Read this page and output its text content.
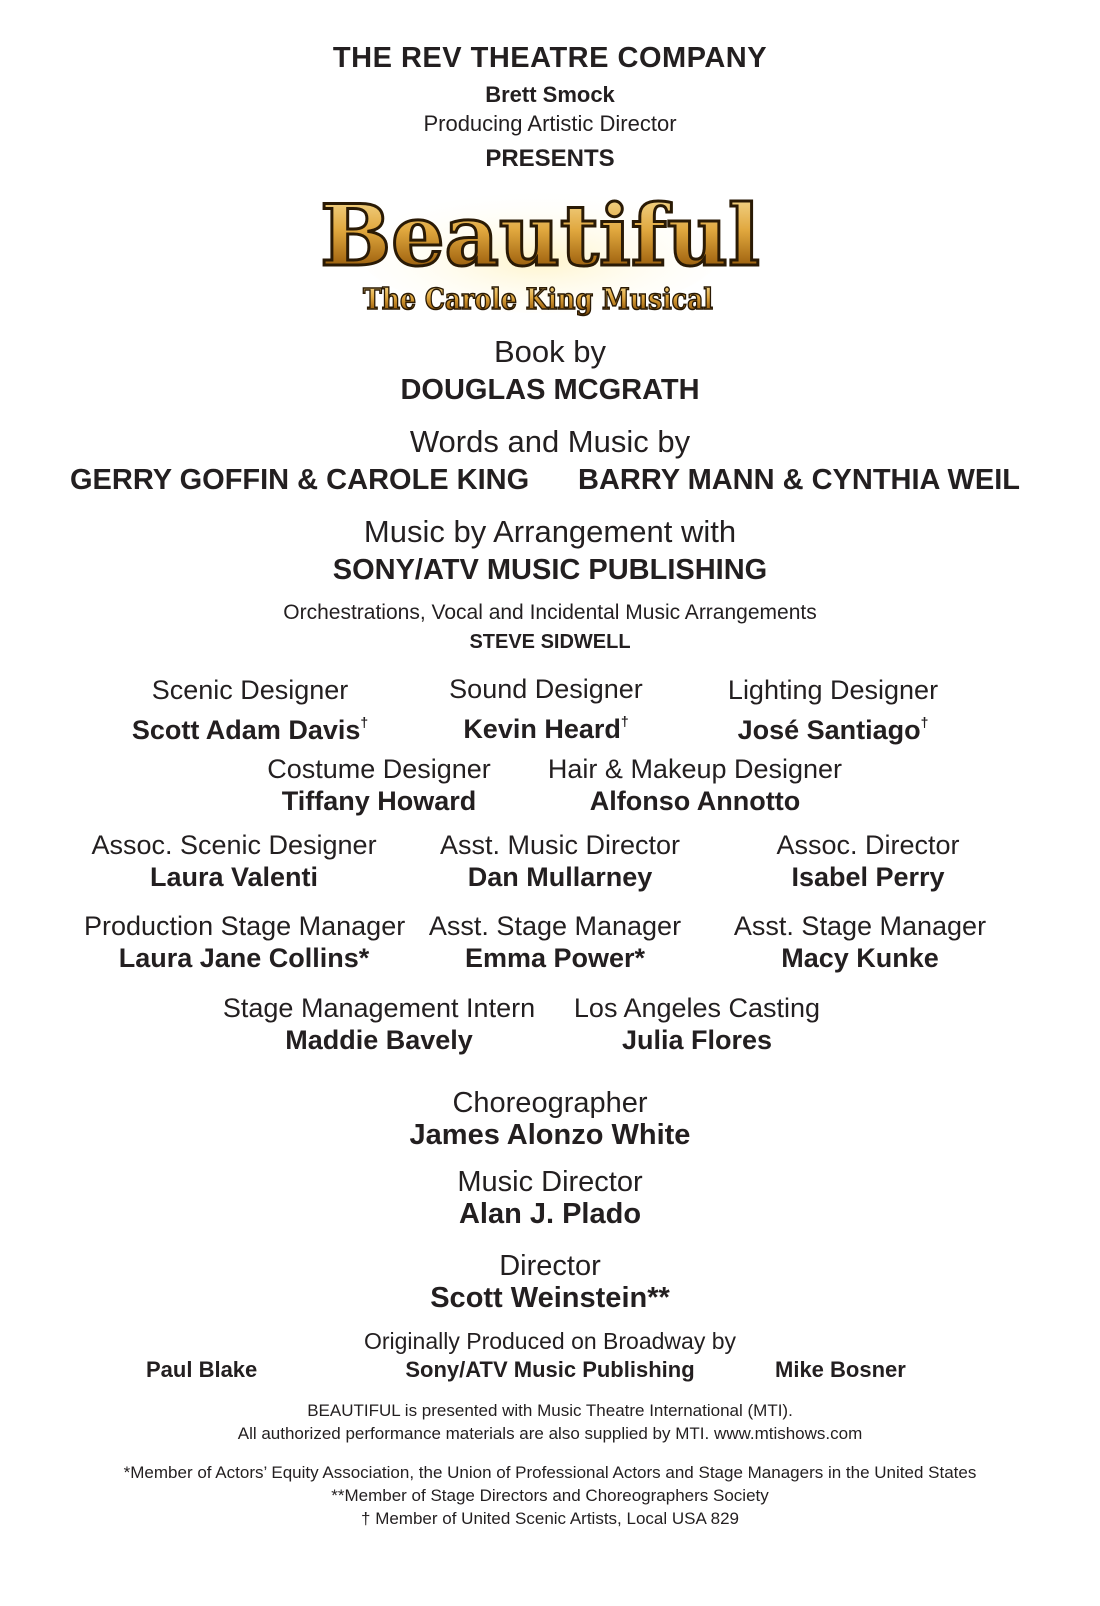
THE REV THEATRE COMPANY
Brett Smock
Producing Artistic Director
PRESENTS
Beautiful
The Carole King Musical
Book by
DOUGLAS MCGRATH
Words and Music by
GERRY GOFFIN & CAROLE KING BARRY MANN & CYNTHIA WEIL
Music by Arrangement with
SONY/ATV MUSIC PUBLISHING
Orchestrations, Vocal and Incidental Music Arrangements
STEVE SIDWELL
Scenic Designer
Scott Adam Davis†
Sound Designer
Kevin Heard†
Lighting Designer
José Santiago†
Costume Designer
Tiffany Howard
Hair & Makeup Designer
Alfonso Annotto
Assoc. Scenic Designer
Laura Valenti
Asst. Music Director
Dan Mullarney
Assoc. Director
Isabel Perry
Production Stage Manager
Laura Jane Collins*
Asst. Stage Manager
Emma Power*
Asst. Stage Manager
Macy Kunke
Stage Management Intern
Maddie Bavely
Los Angeles Casting
Julia Flores
Choreographer
James Alonzo White
Music Director
Alan J. Plado
Director
Scott Weinstein**
Originally Produced on Broadway by
Paul Blake	Sony/ATV Music Publishing	Mike Bosner
BEAUTIFUL is presented with Music Theatre International (MTI).
All authorized performance materials are also supplied by MTI. www.mtishows.com
*Member of Actors’ Equity Association, the Union of Professional Actors and Stage Managers in the United States
**Member of Stage Directors and Choreographers Society
† Member of United Scenic Artists, Local USA 829
